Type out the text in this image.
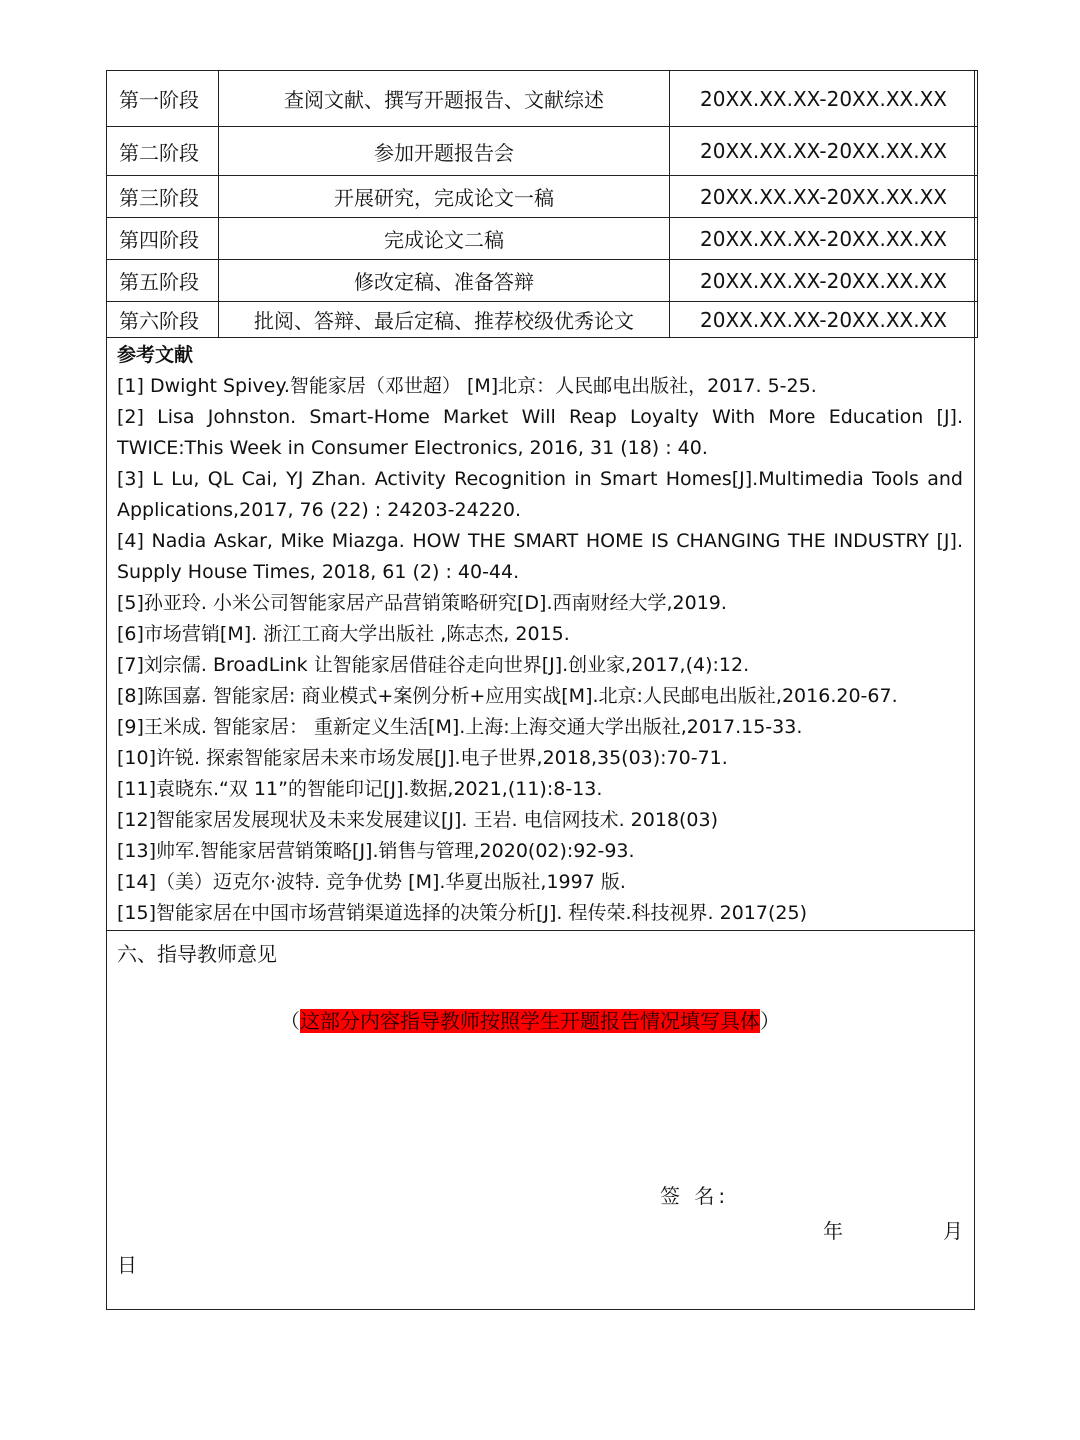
第一阶段	查阅文献、撰写开题报告、文献综述	20XX.XX.XX-20XX.XX.XX
第二阶段	参加开题报告会	20XX.XX.XX-20XX.XX.XX
第三阶段	开展研究，完成论文一稿	20XX.XX.XX-20XX.XX.XX
第四阶段	完成论文二稿	20XX.XX.XX-20XX.XX.XX
第五阶段	修改定稿、准备答辩	20XX.XX.XX-20XX.XX.XX
第六阶段	批阅、答辩、最后定稿、推荐校级优秀论文	20XX.XX.XX-20XX.XX.XX
参考文献
[1] Dwight Spivey.智能家居（邓世超） [M]北京：人民邮电出版社，2017. 5-25.
[2] Lisa Johnston. Smart-Home Market Will Reap Loyalty With More Education [J]. TWICE:This Week in Consumer Electronics, 2016, 31 (18) : 40.
[3] L Lu, QL Cai, YJ Zhan. Activity Recognition in Smart Homes[J].Multimedia Tools and Applications,2017, 76 (22) : 24203-24220.
[4] Nadia Askar, Mike Miazga. HOW THE SMART HOME IS CHANGING THE INDUSTRY [J]. Supply House Times, 2018, 61 (2) : 40-44.
[5]孙亚玲. 小米公司智能家居产品营销策略研究[D].西南财经大学,2019.
[6]市场营销[M]. 浙江工商大学出版社 ,陈志杰, 2015.
[7]刘宗儒. BroadLink 让智能家居借硅谷走向世界[J].创业家,2017,(4):12.
[8]陈国嘉. 智能家居: 商业模式+案例分析+应用实战[M].北京:人民邮电出版社,2016.20-67.
[9]王米成. 智能家居： 重新定义生活[M].上海:上海交通大学出版社,2017.15-33.
[10]许锐. 探索智能家居未来市场发展[J].电子世界,2018,35(03):70-71.
[11]袁晓东.“双 11”的智能印记[J].数据,2021,(11):8-13.
[12]智能家居发展现状及未来发展建议[J]. 王岩. 电信网技术. 2018(03)
[13]帅军.智能家居营销策略[J].销售与管理,2020(02):92-93.
[14]（美）迈克尔·波特. 竞争优势 [M].华夏出版社,1997 版.
[15]智能家居在中国市场营销渠道选择的决策分析[J]. 程传荣.科技视界. 2017(25)
六、指导教师意见
（这部分内容指导教师按照学生开题报告情况填写具体）
签 名:
年	月
日
